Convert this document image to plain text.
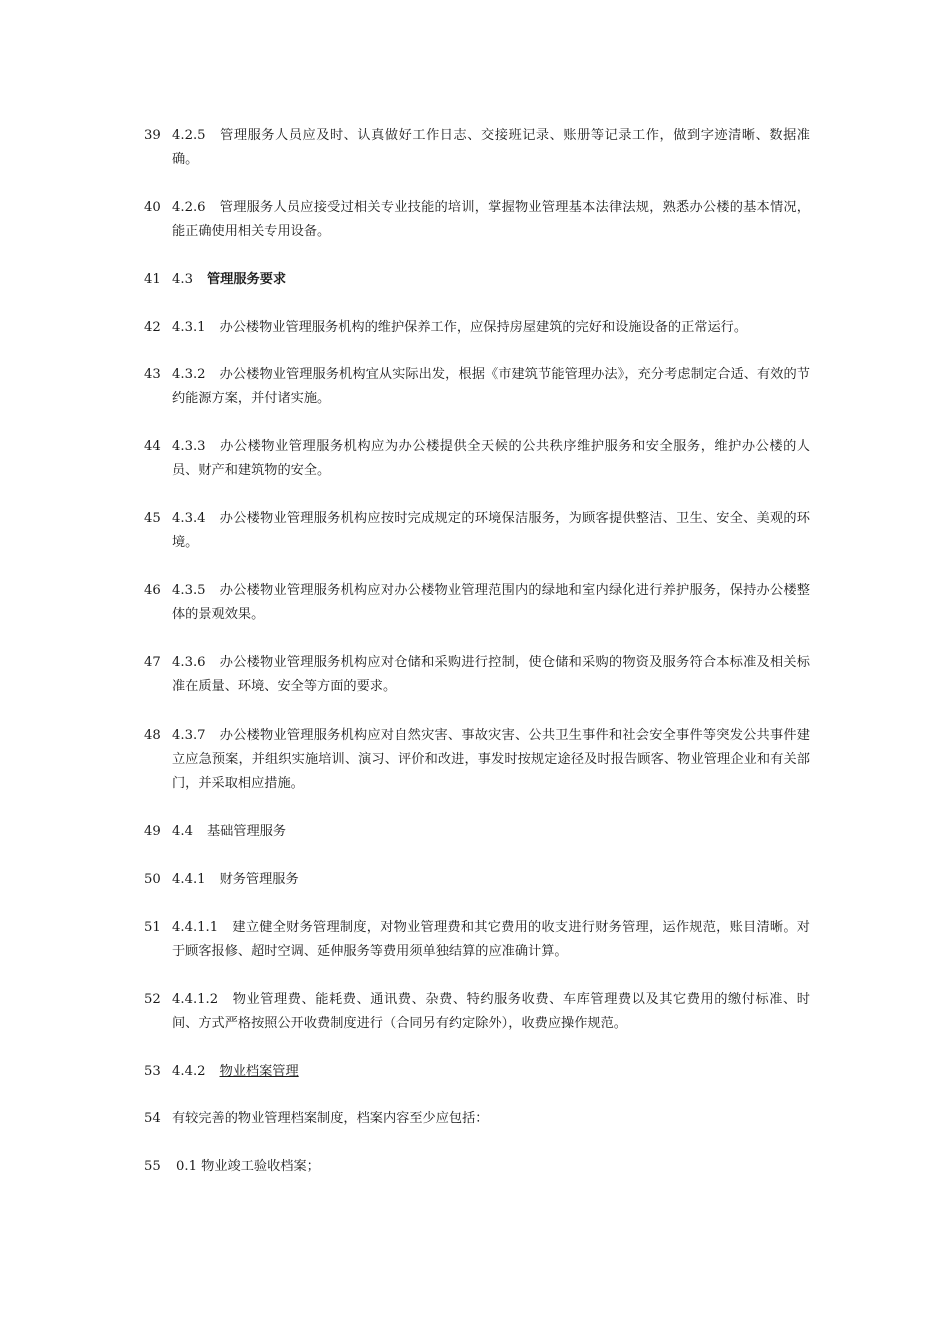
39 4.2.5 管理服务人员应及时、认真做好工作日志、交接班记录、账册等记录工作，做到字迹清晰、数据准确。

40 4.2.6 管理服务人员应接受过相关专业技能的培训，掌握物业管理基本法律法规，熟悉办公楼的基本情况，能正确使用相关专用设备。

41 4.3 管理服务要求

42 4.3.1 办公楼物业管理服务机构的维护保养工作，应保持房屋建筑的完好和设施设备的正常运行。

43 4.3.2 办公楼物业管理服务机构宜从实际出发，根据《市建筑节能管理办法》，充分考虑制定合适、有效的节约能源方案，并付诸实施。

44 4.3.3 办公楼物业管理服务机构应为办公楼提供全天候的公共秩序维护服务和安全服务，维护办公楼的人员、财产和建筑物的安全。

45 4.3.4 办公楼物业管理服务机构应按时完成规定的环境保洁服务，为顾客提供整洁、卫生、安全、美观的环境。

46 4.3.5 办公楼物业管理服务机构应对办公楼物业管理范围内的绿地和室内绿化进行养护服务，保持办公楼整体的景观效果。

47 4.3.6 办公楼物业管理服务机构应对仓储和采购进行控制，使仓储和采购的物资及服务符合本标准及相关标准在质量、环境、安全等方面的要求。

48 4.3.7 办公楼物业管理服务机构应对自然灾害、事故灾害、公共卫生事件和社会安全事件等突发公共事件建立应急预案，并组织实施培训、演习、评价和改进，事发时按规定途径及时报告顾客、物业管理企业和有关部门，并采取相应措施。

49 4.4 基础管理服务

50 4.4.1 财务管理服务

51 4.4.1.1 建立健全财务管理制度，对物业管理费和其它费用的收支进行财务管理，运作规范，账目清晰。对于顾客报修、超时空调、延伸服务等费用须单独结算的应准确计算。

52 4.4.1.2 物业管理费、能耗费、通讯费、杂费、特约服务收费、车库管理费以及其它费用的缴付标准、时间、方式严格按照公开收费制度进行（合同另有约定除外），收费应操作规范。

53 4.4.2 物业档案管理

54 有较完善的物业管理档案制度，档案内容至少应包括：

55	0.1 物业竣工验收档案；
